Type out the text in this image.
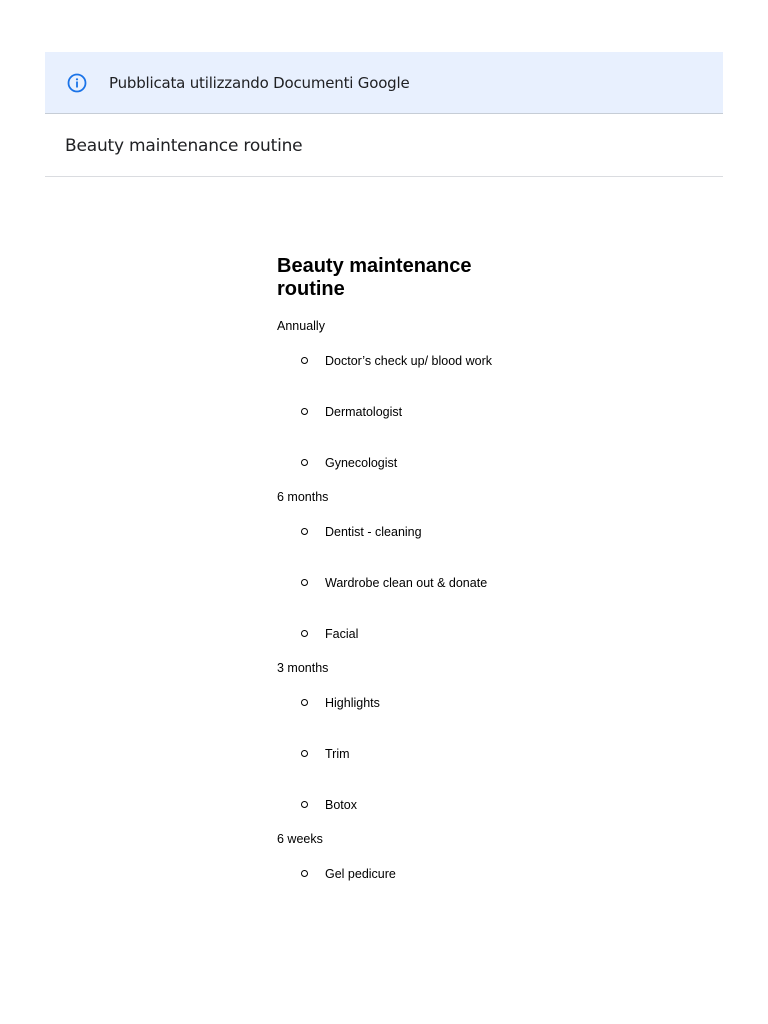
Pubblicata utilizzando Documenti Google
Beauty maintenance routine
Beauty maintenance routine

Annually

Doctor’s check up/ blood work
Dermatologist
Gynecologist

6 months

Dentist - cleaning
Wardrobe clean out & donate
Facial

3 months

Highlights
Trim
Botox

6 weeks

Gel pedicure
